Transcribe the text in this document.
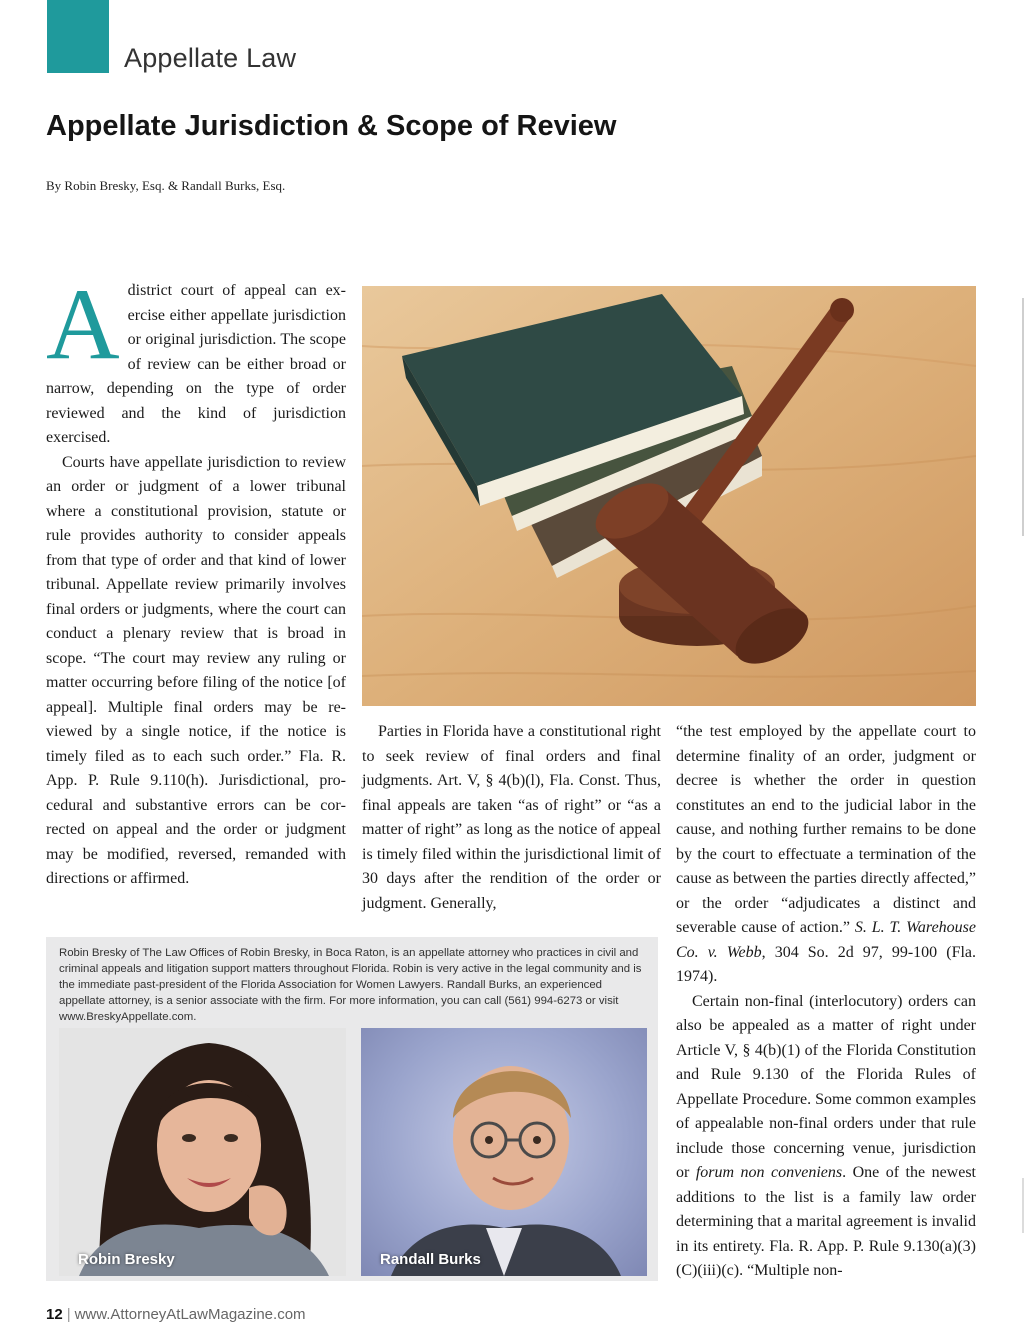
Appellate Law
Appellate Jurisdiction & Scope of Review
By Robin Bresky, Esq. & Randall Burks, Esq.

Adistrict court of appeal can exercise either appellate jurisdiction or original jurisdiction. The scope of review can be either broad or narrow, depending on the type of order reviewed and the kind of jurisdiction exercised.

Courts have appellate jurisdiction to review an order or judgment of a lower tribunal where a constitutional provision, statute or rule provides authority to consider appeals from that type of order and that kind of lower tribunal. Appellate review primarily involves final orders or judgments, where the court can conduct a plenary review that is broad in scope. “The court may review any ruling or matter occurring before filing of the notice [of appeal]. Multiple final orders may be reviewed by a single notice, if the notice is timely filed as to each such order.” Fla. R. App. P. Rule 9.110(h). Jurisdictional, procedural and substantive errors can be corrected on appeal and the order or judgment may be modified, reversed, remanded with directions or affirmed.

Parties in Florida have a constitutional right to seek review of final orders and final judgments. Art. V, § 4(b)(l), Fla. Const. Thus, final appeals are taken “as of right” or “as a matter of right” as long as the notice of appeal is timely filed within the jurisdictional limit of 30 days after the rendition of the order or judgment. Generally,

“the test employed by the appellate court to determine finality of an order, judgment or decree is whether the order in question constitutes an end to the judicial labor in the cause, and nothing further remains to be done by the court to effectuate a termination of the cause as between the parties directly affected,” or the order “adjudicates a distinct and severable cause of action.” S. L. T. Warehouse Co. v. Webb, 304 So. 2d 97, 99-100 (Fla. 1974).

Certain non-final (interlocutory) orders can also be appealed as a matter of right under Article V, § 4(b)(1) of the Florida Constitution and Rule 9.130 of the Florida Rules of Appellate Procedure. Some common examples of appealable non-final orders under that rule include those concerning venue, jurisdiction or forum non conveniens. One of the newest additions to the list is a family law order determining that a marital agreement is invalid in its entirety. Fla. R. App. P. Rule 9.130(a)(3)(C)(iii)(c). “Multiple non-

Robin Bresky of The Law Offices of Robin Bresky, in Boca Raton, is an appellate attorney who practices in civil and criminal appeals and litigation support matters throughout Florida. Robin is very active in the legal community and is the immediate past-president of the Florida Association for Women Lawyers. Randall Burks, an experienced appellate attorney, is a senior associate with the firm. For more information, you can call (561) 994-6273 or visit www.BreskyAppellate.com.

Robin Bresky	Randall Burks
12 | www.AttorneyAtLawMagazine.com
